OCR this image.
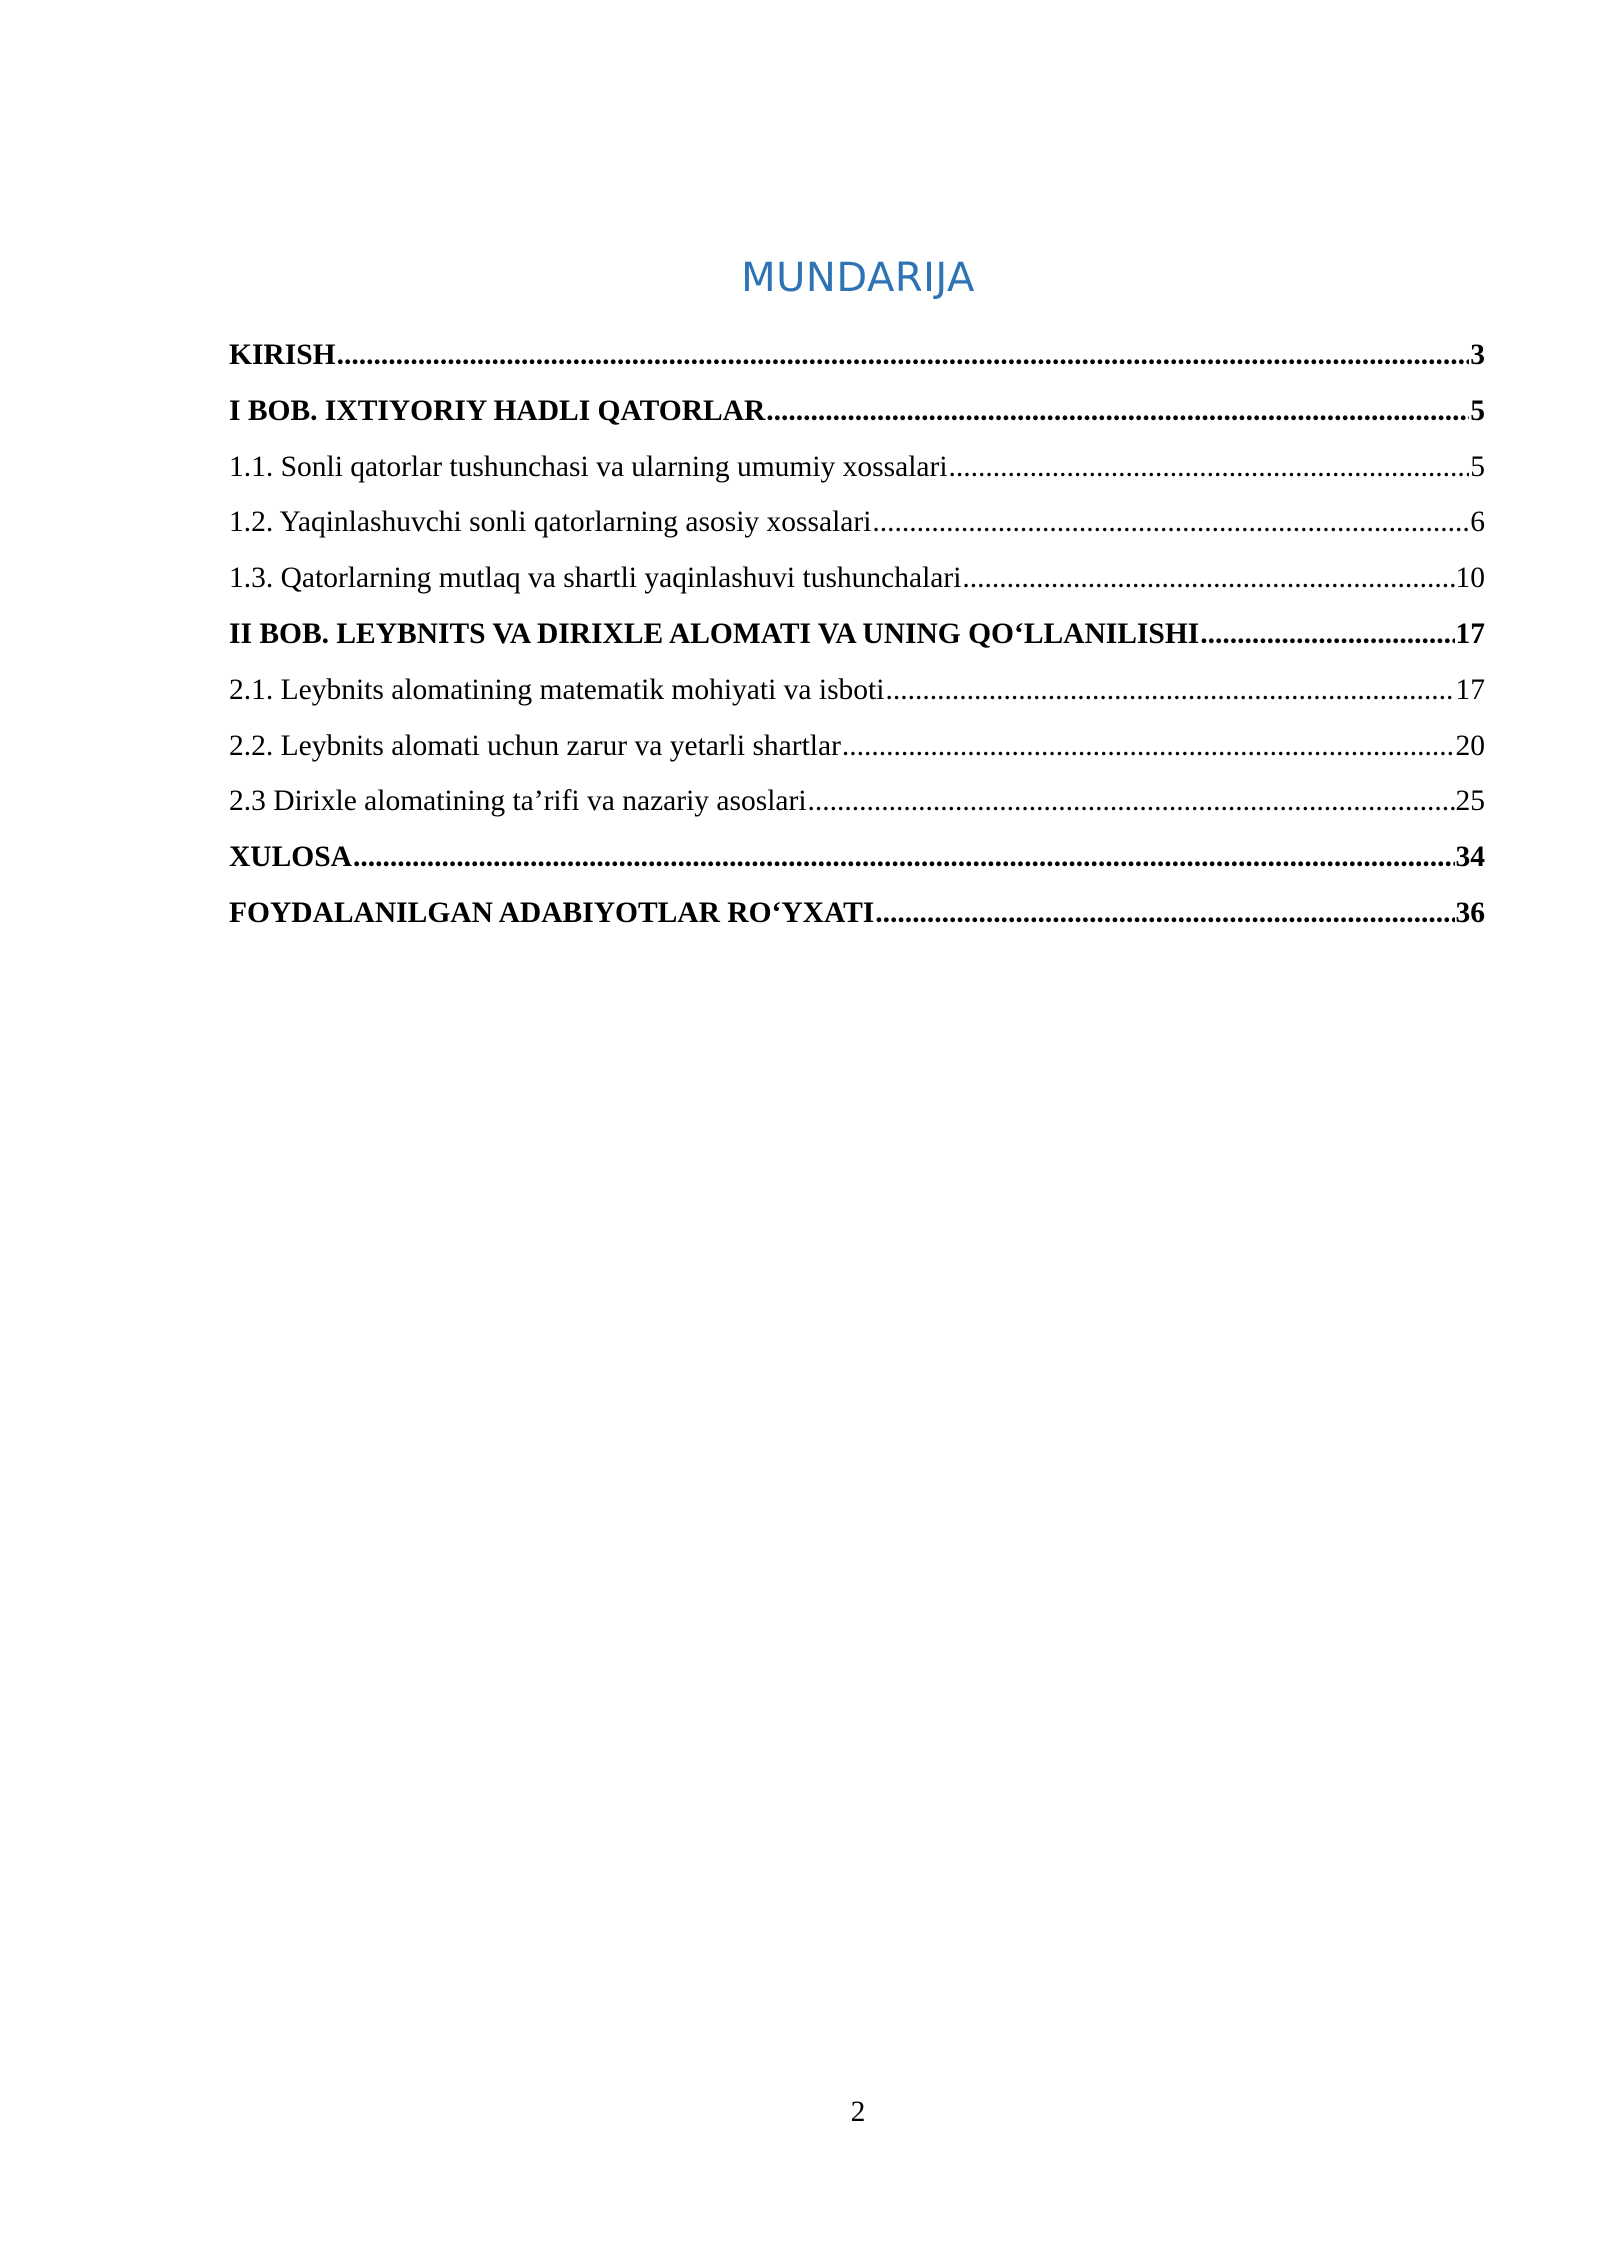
MUNDARIJA
KIRISH .....	3
I BOB. IXTIYORIY HADLI QATORLAR .....	5
1.1. Sonli qatorlar tushunchasi va ularning umumiy xossalari .....	5
1.2. Yaqinlashuvchi sonli qatorlarning asosiy xossalari .....	6
1.3. Qatorlarning mutlaq va shartli yaqinlashuvi tushunchalari .....	10
II BOB. LEYBNITS VA DIRIXLE ALOMATI VA UNING QO‘LLANILISHI .....	17
2.1. Leybnits alomatining matematik mohiyati va isboti .....	17
2.2. Leybnits alomati uchun zarur va yetarli shartlar .....	20
2.3 Dirixle alomatining ta’rifi va nazariy asoslari .....	25
XULOSA .....	34
FOYDALANILGAN ADABIYOTLAR RO‘YXATI .....	36
2
